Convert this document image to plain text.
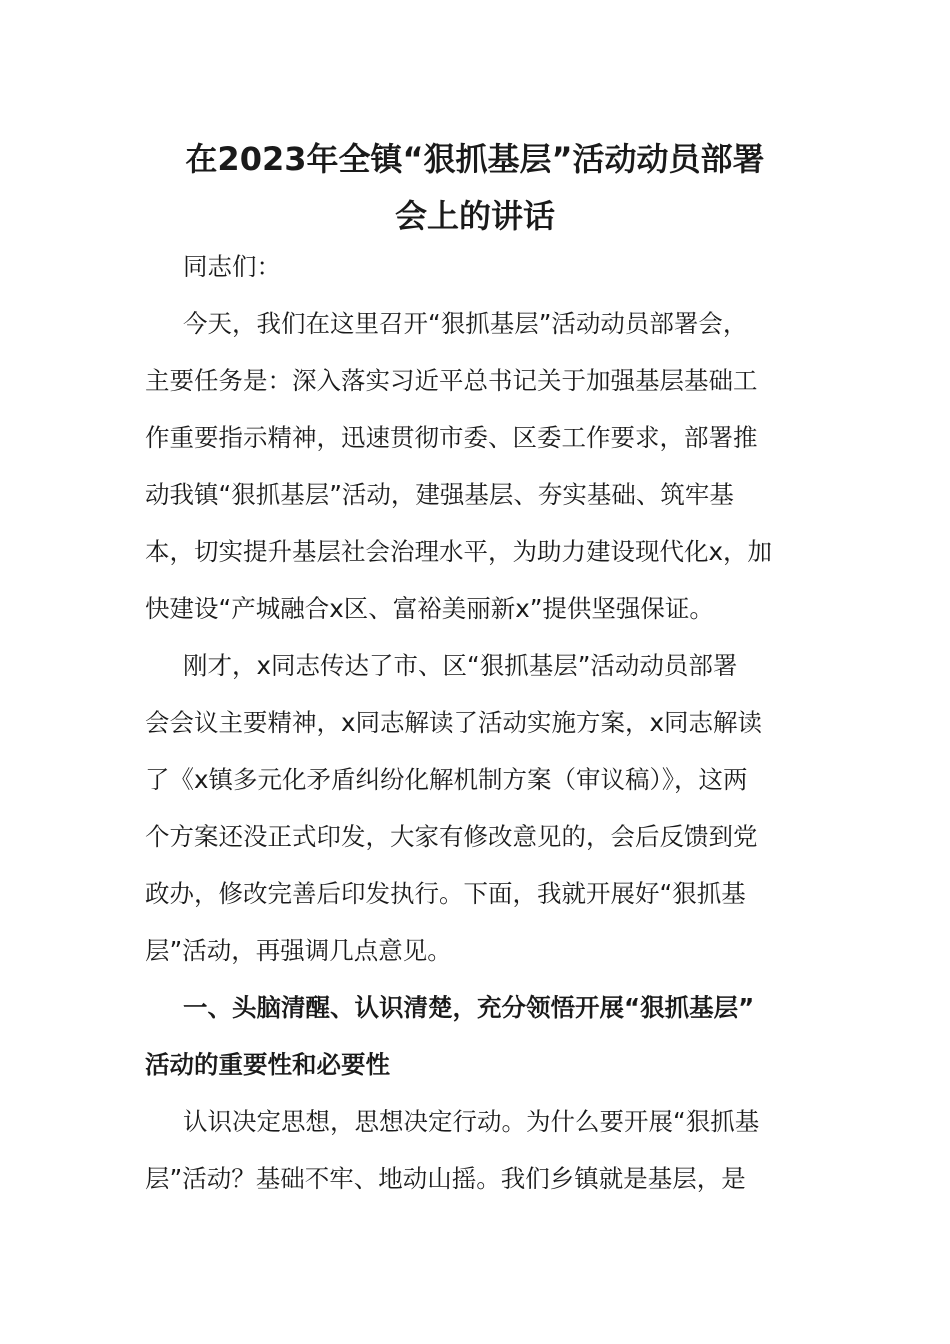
在2023年全镇“狠抓基层”活动动员部署
会上的讲话
同志们：
今天，我们在这里召开“狠抓基层”活动动员部署会，
主要任务是：深入落实习近平总书记关于加强基层基础工
作重要指示精神，迅速贯彻市委、区委工作要求，部署推
动我镇“狠抓基层”活动，建强基层、夯实基础、筑牢基
本，切实提升基层社会治理水平，为助力建设现代化x，加
快建设“产城融合x区、富裕美丽新x”提供坚强保证。
刚才，x同志传达了市、区“狠抓基层”活动动员部署
会会议主要精神，x同志解读了活动实施方案，x同志解读
了《x镇多元化矛盾纠纷化解机制方案（审议稿）》，这两
个方案还没正式印发，大家有修改意见的，会后反馈到党
政办，修改完善后印发执行。下面，我就开展好“狠抓基
层”活动，再强调几点意见。
一、头脑清醒、认识清楚，充分领悟开展“狠抓基层”
活动的重要性和必要性
认识决定思想，思想决定行动。为什么要开展“狠抓基
层”活动？基础不牢、地动山摇。我们乡镇就是基层，是
